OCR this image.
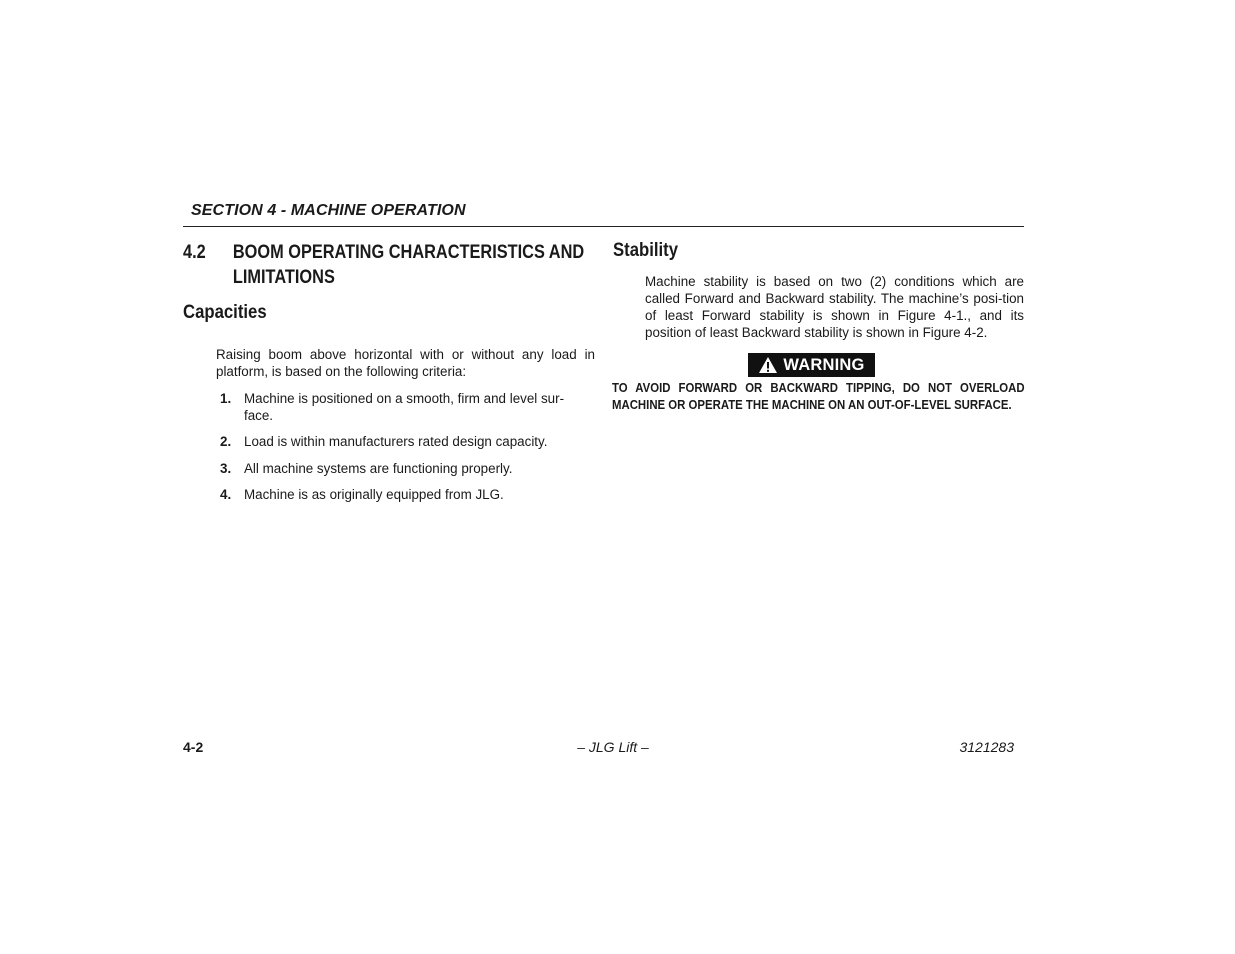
SECTION 4 - MACHINE OPERATION
4.2 BOOM OPERATING CHARACTERISTICS AND LIMITATIONS
Capacities
Raising boom above horizontal with or without any load in platform, is based on the following criteria:
1. Machine is positioned on a smooth, firm and level sur-face.
2. Load is within manufacturers rated design capacity.
3. All machine systems are functioning properly.
4. Machine is as originally equipped from JLG.
Stability
Machine stability is based on two (2) conditions which are called Forward and Backward stability. The machine’s posi-tion of least Forward stability is shown in Figure 4-1., and its position of least Backward stability is shown in Figure 4-2.
WARNING
TO AVOID FORWARD OR BACKWARD TIPPING, DO NOT OVERLOAD MACHINE OR OPERATE THE MACHINE ON AN OUT-OF-LEVEL SURFACE.
4-2	– JLG Lift –	3121283
